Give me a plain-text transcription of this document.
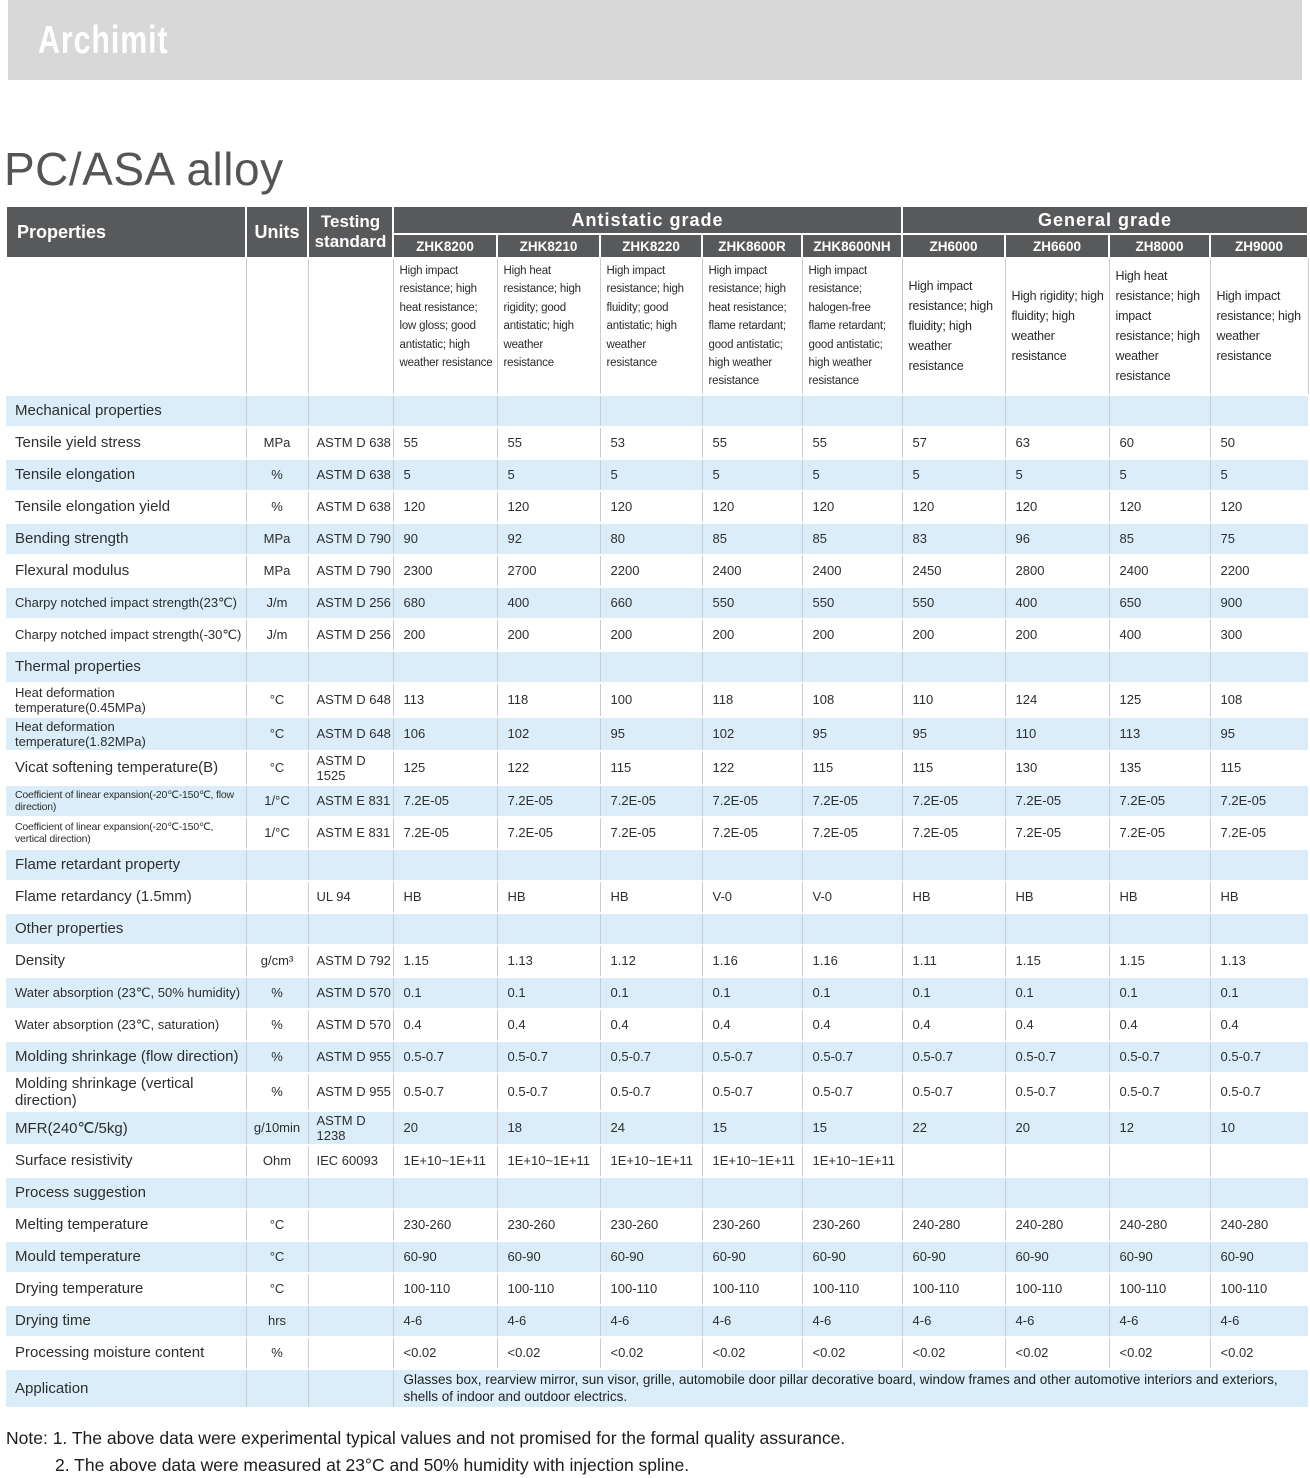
Archimit
PC/ASA alloy
Properties	Units	Testing standard	Antistatic grade					General grade			
			ZHK8200	ZHK8210	ZHK8220	ZHK8600R	ZHK8600NH	ZH6000	ZH6600	ZH8000	ZH9000
			High impact resistance; high heat resistance; low gloss; good antistatic; high weather resistance	High heat resistance; high rigidity; good antistatic; high weather resistance	High impact resistance; high fluidity; good antistatic; high weather resistance	High impact resistance; high heat resistance; flame retardant; good antistatic; high weather resistance	High impact resistance; halogen-free flame retardant; good antistatic; high weather resistance	High impact resistance; high fluidity; high weather resistance	High rigidity; high fluidity; high weather resistance	High heat resistance; high impact resistance; high weather resistance	High impact resistance; high weather resistance
Mechanical properties											
Tensile yield stress	MPa	ASTM D 638	55	55	53	55	55	57	63	60	50
Tensile elongation	%	ASTM D 638	5	5	5	5	5	5	5	5	5
Tensile elongation yield	%	ASTM D 638	120	120	120	120	120	120	120	120	120
Bending strength	MPa	ASTM D 790	90	92	80	85	85	83	96	85	75
Flexural modulus	MPa	ASTM D 790	2300	2700	2200	2400	2400	2450	2800	2400	2200
Charpy notched impact strength(23℃)	J/m	ASTM D 256	680	400	660	550	550	550	400	650	900
Charpy notched impact strength(-30℃)	J/m	ASTM D 256	200	200	200	200	200	200	200	400	300
Thermal properties											
Heat deformation temperature(0.45MPa)	°C	ASTM D 648	113	118	100	118	108	110	124	125	108
Heat deformation temperature(1.82MPa)	°C	ASTM D 648	106	102	95	102	95	95	110	113	95
Vicat softening temperature(B)	°C	ASTM D 1525	125	122	115	122	115	115	130	135	115
Coefficient of linear expansion(-20℃-150℃, flow direction)	1/°C	ASTM E 831	7.2E-05	7.2E-05	7.2E-05	7.2E-05	7.2E-05	7.2E-05	7.2E-05	7.2E-05	7.2E-05
Coefficient of linear expansion(-20℃-150℃, vertical direction)	1/°C	ASTM E 831	7.2E-05	7.2E-05	7.2E-05	7.2E-05	7.2E-05	7.2E-05	7.2E-05	7.2E-05	7.2E-05
Flame retardant property											
Flame retardancy (1.5mm)		UL 94	HB	HB	HB	V-0	V-0	HB	HB	HB	HB
Other properties											
Density	g/cm³	ASTM D 792	1.15	1.13	1.12	1.16	1.16	1.11	1.15	1.15	1.13
Water absorption (23℃, 50% humidity)	%	ASTM D 570	0.1	0.1	0.1	0.1	0.1	0.1	0.1	0.1	0.1
Water absorption (23℃, saturation)	%	ASTM D 570	0.4	0.4	0.4	0.4	0.4	0.4	0.4	0.4	0.4
Molding shrinkage (flow direction)	%	ASTM D 955	0.5-0.7	0.5-0.7	0.5-0.7	0.5-0.7	0.5-0.7	0.5-0.7	0.5-0.7	0.5-0.7	0.5-0.7
Molding shrinkage (vertical direction)	%	ASTM D 955	0.5-0.7	0.5-0.7	0.5-0.7	0.5-0.7	0.5-0.7	0.5-0.7	0.5-0.7	0.5-0.7	0.5-0.7
MFR(240℃/5kg)	g/10min	ASTM D 1238	20	18	24	15	15	22	20	12	10
Surface resistivity	Ohm	IEC 60093	1E+10~1E+11	1E+10~1E+11	1E+10~1E+11	1E+10~1E+11	1E+10~1E+11				
Process suggestion											
Melting temperature	°C		230-260	230-260	230-260	230-260	230-260	240-280	240-280	240-280	240-280
Mould temperature	°C		60-90	60-90	60-90	60-90	60-90	60-90	60-90	60-90	60-90
Drying temperature	°C		100-110	100-110	100-110	100-110	100-110	100-110	100-110	100-110	100-110
Drying time	hrs		4-6	4-6	4-6	4-6	4-6	4-6	4-6	4-6	4-6
Processing moisture content	%		<0.02	<0.02	<0.02	<0.02	<0.02	<0.02	<0.02	<0.02	<0.02
Application			Glasses box, rearview mirror, sun visor, grille, automobile door pillar decorative board, window frames and other automotive interiors and exteriors, shells of indoor and outdoor electrics.								
Note: 1. The above data were experimental typical values and not promised for the formal quality assurance.
2. The above data were measured at 23°C and 50% humidity with injection spline.
